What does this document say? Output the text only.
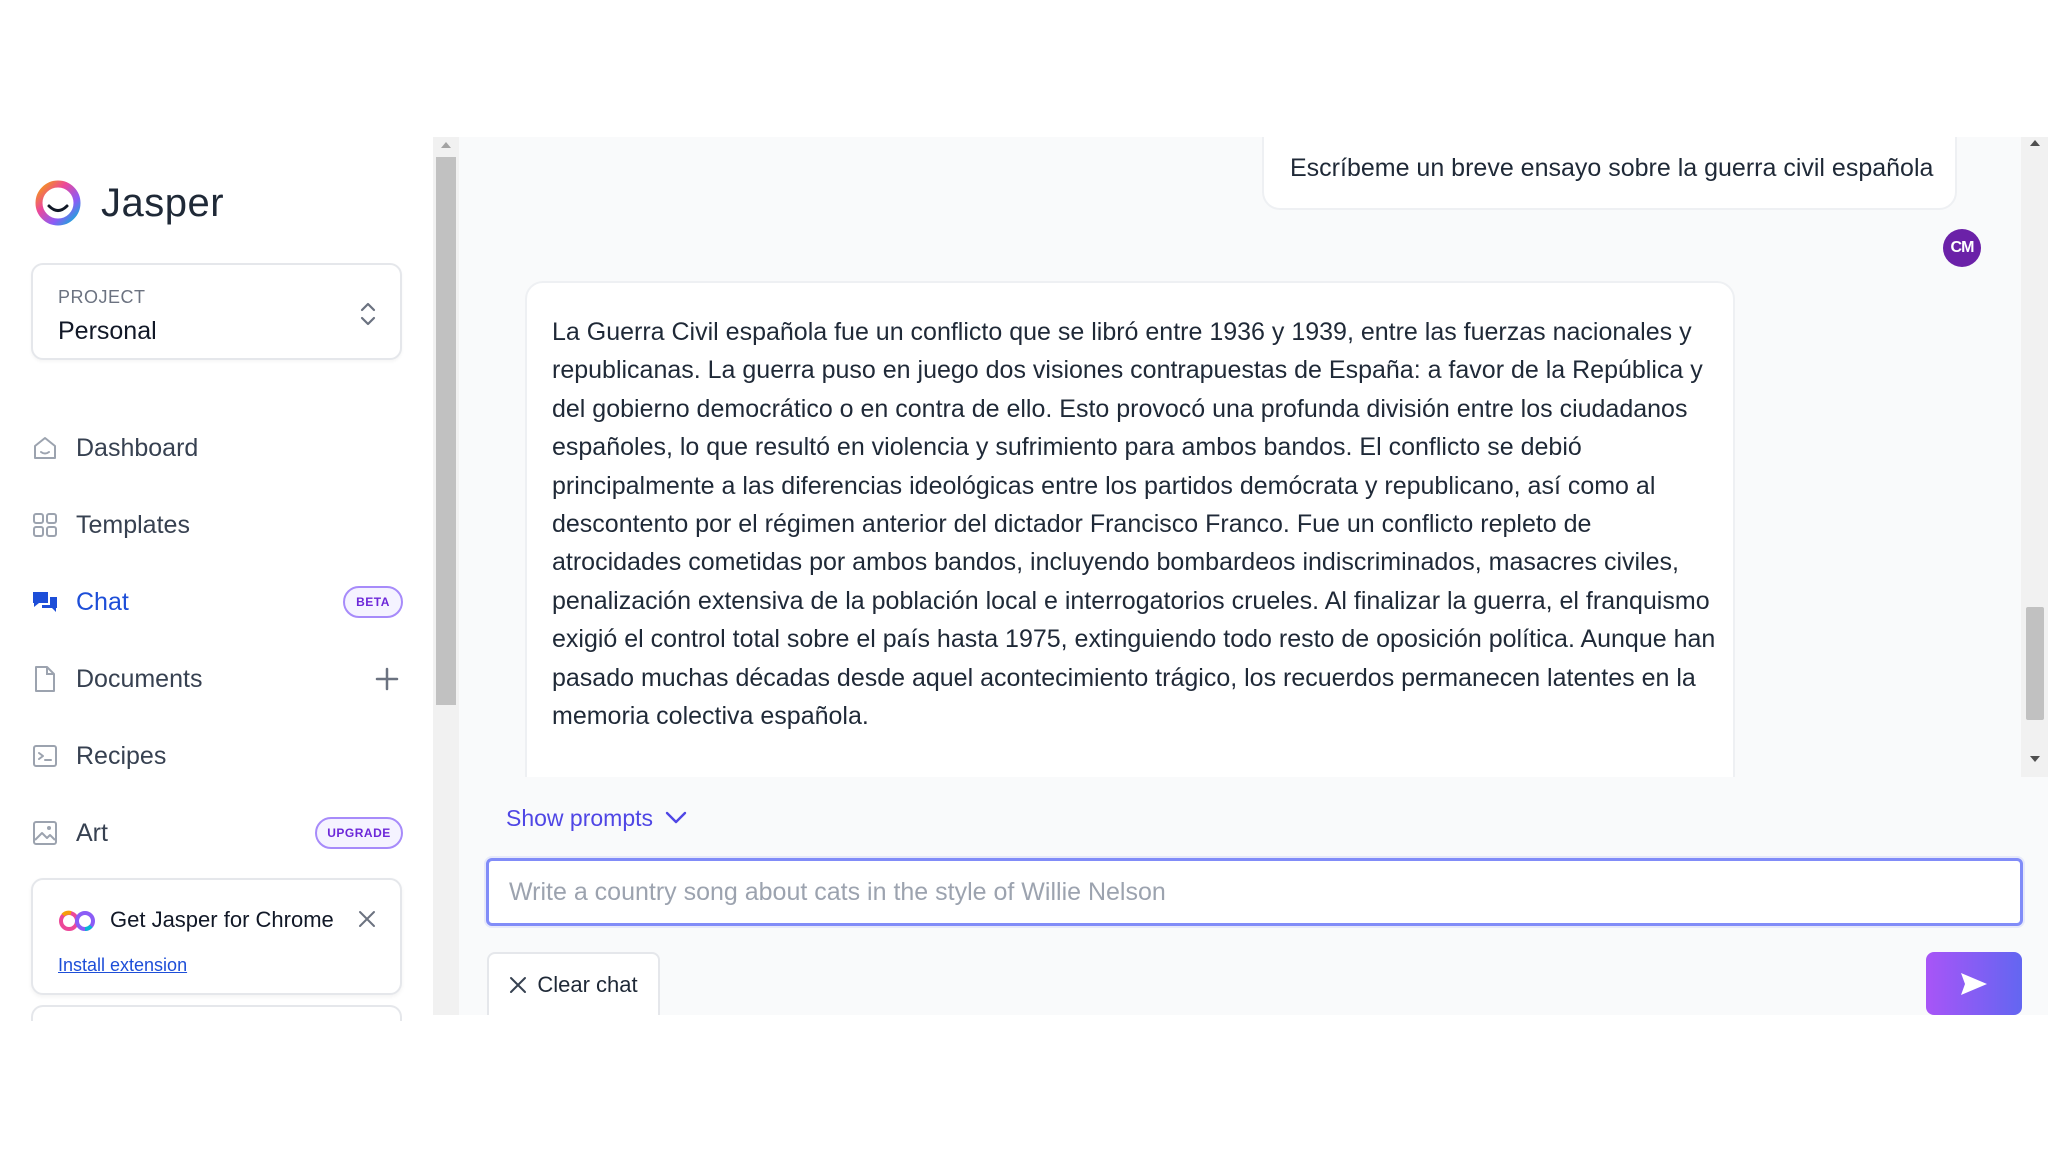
Jasper
PROJECT
Personal
Dashboard
Templates
Chat	BETA
Documents
Recipes
Art	UPGRADE
Get Jasper for Chrome
Install extension
Escríbeme un breve ensayo sobre la guerra civil española
CM

La Guerra Civil española fue un conflicto que se libró entre 1936 y 1939, entre las fuerzas nacionales y republicanas. La guerra puso en juego dos visiones contrapuestas de España: a favor de la República y del gobierno democrático o en contra de ello. Esto provocó una profunda división entre los ciudadanos españoles, lo que resultó en violencia y sufrimiento para ambos bandos. El conflicto se debió principalmente a las diferencias ideológicas entre los partidos demócrata y republicano, así como al descontento por el régimen anterior del dictador Francisco Franco. Fue un conflicto repleto de atrocidades cometidas por ambos bandos, incluyendo bombardeos indiscriminados, masacres civiles, penalización extensiva de la población local e interrogatorios crueles. Al finalizar la guerra, el franquismo exigió el control total sobre el país hasta 1975, extinguiendo todo resto de oposición política. Aunque han pasado muchas décadas desde aquel acontecimiento trágico, los recuerdos permanecen latentes en la memoria colectiva española.

Show prompts
Write a country song about cats in the style of Willie Nelson
Clear chat
